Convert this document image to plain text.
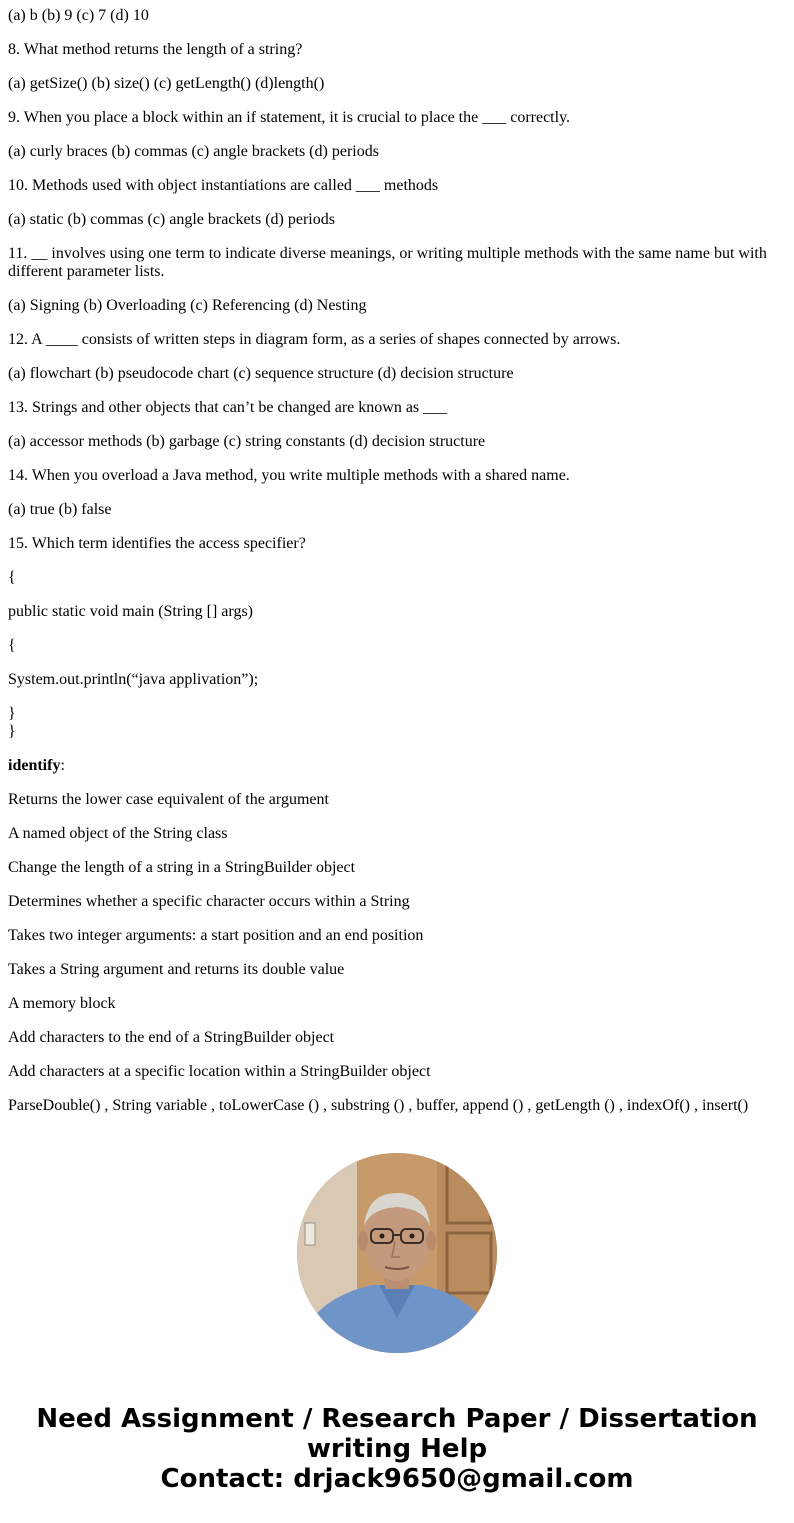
(a) b (b) 9 (c) 7 (d) 10

8. What method returns the length of a string?

(a) getSize() (b) size() (c) getLength() (d)length()

9. When you place a block within an if statement, it is crucial to place the ___ correctly.

(a) curly braces (b) commas (c) angle brackets (d) periods

10. Methods used with object instantiations are called ___ methods

(a) static (b) commas (c) angle brackets (d) periods

11. __ involves using one term to indicate diverse meanings, or writing multiple methods with the same name but with different parameter lists.

(a) Signing (b) Overloading (c) Referencing (d) Nesting

12. A ____ consists of written steps in diagram form, as a series of shapes connected by arrows.

(a) flowchart (b) pseudocode chart (c) sequence structure (d) decision structure

13. Strings and other objects that can’t be changed are known as ___

(a) accessor methods (b) garbage (c) string constants (d) decision structure

14. When you overload a Java method, you write multiple methods with a shared name.

(a) true (b) false

15. Which term identifies the access specifier?

{

public static void main (String [] args)

{

System.out.println(“java applivation”);

}

}

identify:

Returns the lower case equivalent of the argument

A named object of the String class

Change the length of a string in a StringBuilder object

Determines whether a specific character occurs within a String

Takes two integer arguments: a start position and an end position

Takes a String argument and returns its double value

A memory block

Add characters to the end of a StringBuilder object

Add characters at a specific location within a StringBuilder object

ParseDouble() , String variable , toLowerCase () , substring () , buffer, append () , getLength () , indexOf() , insert()

Need Assignment / Research Paper / Dissertation
writing Help
Contact: drjack9650@gmail.com
